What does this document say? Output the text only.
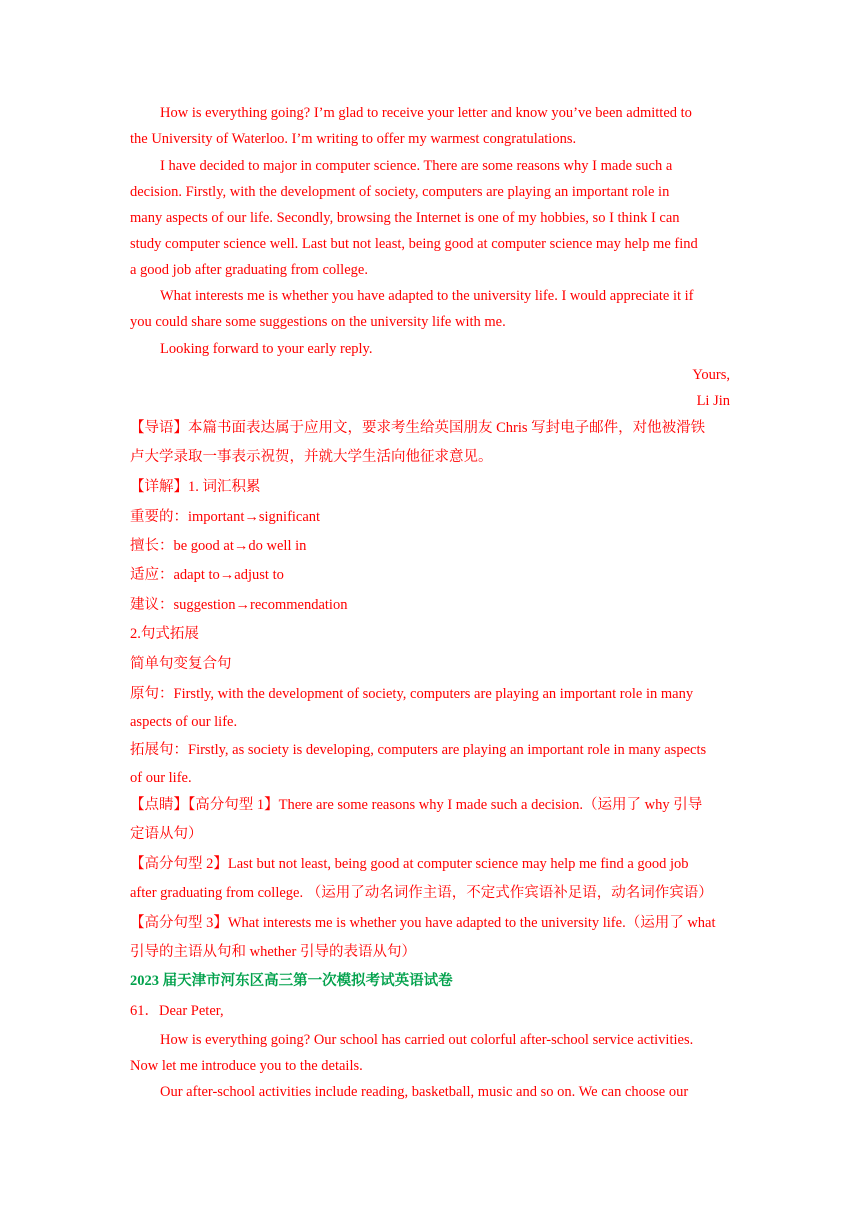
How is everything going? I’m glad to receive your letter and know you’ve been admitted to
the University of Waterloo. I’m writing to offer my warmest congratulations.
I have decided to major in computer science. There are some reasons why I made such a
decision. Firstly, with the development of society, computers are playing an important role in
many aspects of our life. Secondly, browsing the Internet is one of my hobbies, so I think I can
study computer science well. Last but not least, being good at computer science may help me find
a good job after graduating from college.
What interests me is whether you have adapted to the university life. I would appreciate it if
you could share some suggestions on the university life with me.
Looking forward to your early reply.
Yours,
Li Jin
【导语】本篇书面表达属于应用文，要求考生给英国朋友 Chris 写封电子邮件，对他被滑铁
卢大学录取一事表示祝贺，并就大学生活向他征求意见。
【详解】1. 词汇积累
重要的：important→significant
擅长：be good at→do well in
适应：adapt to→adjust to
建议：suggestion→recommendation
2.句式拓展
简单句变复合句
原句：Firstly, with the development of society, computers are playing an important role in many
aspects of our life.
拓展句：Firstly, as society is developing, computers are playing an important role in many aspects
of our life.
【点睛】【高分句型 1】There are some reasons why I made such a decision.（运用了 why 引导
定语从句）
【高分句型 2】Last but not least, being good at computer science may help me find a good job
after graduating from college. （运用了动名词作主语，不定式作宾语补足语，动名词作宾语）
【高分句型 3】What interests me is whether you have adapted to the university life.（运用了 what
引导的主语从句和 whether 引导的表语从句）
2023 届天津市河东区高三第一次模拟考试英语试卷
61．Dear Peter,
How is everything going? Our school has carried out colorful after-school service activities.
Now let me introduce you to the details.
Our after-school activities include reading, basketball, music and so on. We can choose our
